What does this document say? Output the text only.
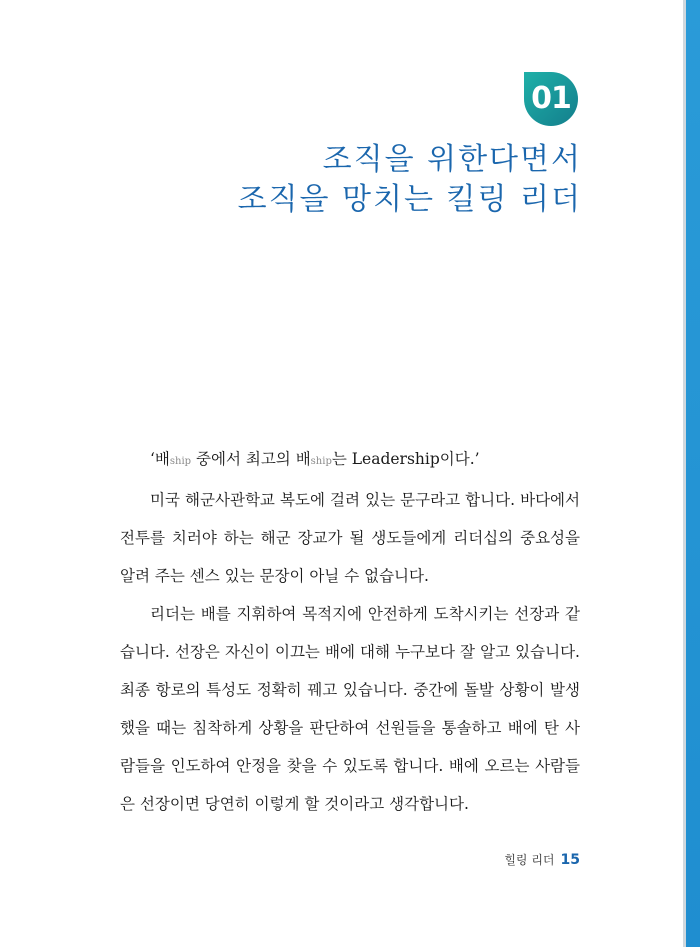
01
조직을 위한다면서
조직을 망치는 킬링 리더

‘배ship 중에서 최고의 배ship는 Leadership이다.’

미국 해군사관학교 복도에 걸려 있는 문구라고 합니다. 바다에서 전투를 치러야 하는 해군 장교가 될 생도들에게 리더십의 중요성을 알려 주는 센스 있는 문장이 아닐 수 없습니다.

리더는 배를 지휘하여 목적지에 안전하게 도착시키는 선장과 같습니다. 선장은 자신이 이끄는 배에 대해 누구보다 잘 알고 있습니다. 최종 항로의 특성도 정확히 꿰고 있습니다. 중간에 돌발 상황이 발생했을 때는 침착하게 상황을 판단하여 선원들을 통솔하고 배에 탄 사람들을 인도하여 안정을 찾을 수 있도록 합니다. 배에 오르는 사람들은 선장이면 당연히 이렇게 할 것이라고 생각합니다.

힐링 리더 15
